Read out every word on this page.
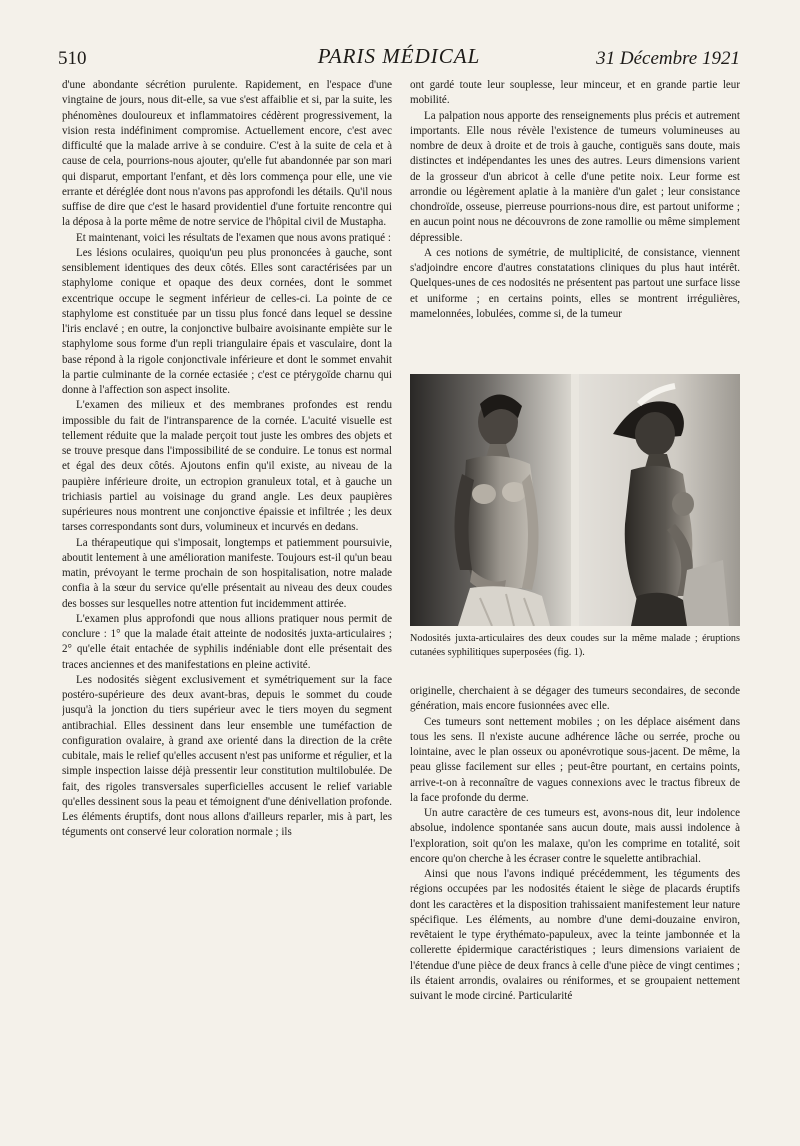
510	PARIS MÉDICAL	31 Décembre 1921

d'une abondante sécrétion purulente. Rapidement, en l'espace d'une vingtaine de jours, nous dit-elle, sa vue s'est affaiblie et si, par la suite, les phénomènes douloureux et inflammatoires cédèrent progressivement, la vision resta indéfiniment compromise. Actuellement encore, c'est avec difficulté que la malade arrive à se conduire. C'est à la suite de cela et à cause de cela, pourrions-nous ajouter, qu'elle fut abandonnée par son mari qui disparut, emportant l'enfant, et dès lors commença pour elle, une vie errante et déréglée dont nous n'avons pas approfondi les détails. Qu'il nous suffise de dire que c'est le hasard providentiel d'une fortuite rencontre qui la déposa à la porte même de notre service de l'hôpital civil de Mustapha.

Et maintenant, voici les résultats de l'examen que nous avons pratiqué :

Les lésions oculaires, quoiqu'un peu plus prononcées à gauche, sont sensiblement identiques des deux côtés. Elles sont caractérisées par un staphylome conique et opaque des deux cornées, dont le sommet excentrique occupe le segment inférieur de celles-ci. La pointe de ce staphylome est constituée par un tissu plus foncé dans lequel se dessine l'iris enclavé ; en outre, la conjonctive bulbaire avoisinante empiète sur le staphylome sous forme d'un repli triangulaire épais et vasculaire, dont la base répond à la rigole conjonctivale inférieure et dont le sommet envahit la partie culminante de la cornée ectasiée ; c'est ce ptérygoïde charnu qui donne à l'affection son aspect insolite.

L'examen des milieux et des membranes profondes est rendu impossible du fait de l'intransparence de la cornée. L'acuité visuelle est tellement réduite que la malade perçoit tout juste les ombres des objets et se trouve presque dans l'impossibilité de se conduire. Le tonus est normal et égal des deux côtés. Ajoutons enfin qu'il existe, au niveau de la paupière inférieure droite, un ectropion granuleux total, et à gauche un trichiasis partiel au voisinage du grand angle. Les deux paupières supérieures nous montrent une conjonctive épaissie et infiltrée ; les deux tarses correspondants sont durs, volumineux et incurvés en dedans.

La thérapeutique qui s'imposait, longtemps et patiemment poursuivie, aboutit lentement à une amélioration manifeste. Toujours est-il qu'un beau matin, prévoyant le terme prochain de son hospitalisation, notre malade confia à la sœur du service qu'elle présentait au niveau des deux coudes des bosses sur lesquelles notre attention fut incidemment attirée.

L'examen plus approfondi que nous allions pratiquer nous permit de conclure : 1° que la malade était atteinte de nodosités juxta-articulaires ; 2° qu'elle était entachée de syphilis indéniable dont elle présentait des traces anciennes et des manifestations en pleine activité.

Les nodosités siègent exclusivement et symétriquement sur la face postéro-supérieure des deux avant-bras, depuis le sommet du coude jusqu'à la jonction du tiers supérieur avec le tiers moyen du segment antibrachial. Elles dessinent dans leur ensemble une tuméfaction de configuration ovalaire, à grand axe orienté dans la direction de la crête cubitale, mais le relief qu'elles accusent n'est pas uniforme et régulier, et la simple inspection laisse déjà pressentir leur constitution multilobulée. De fait, des rigoles transversales superficielles accusent le relief variable qu'elles dessinent sous la peau et témoignent d'une dénivellation profonde. Les éléments éruptifs, dont nous allons d'ailleurs reparler, mis à part, les téguments ont conservé leur coloration normale ; ils

ont gardé toute leur souplesse, leur minceur, et en grande partie leur mobilité.

La palpation nous apporte des renseignements plus précis et autrement importants. Elle nous révèle l'existence de tumeurs volumineuses au nombre de deux à droite et de trois à gauche, contiguës sans doute, mais distinctes et indépendantes les unes des autres. Leurs dimensions varient de la grosseur d'un abricot à celle d'une petite noix. Leur forme est arrondie ou légèrement aplatie à la manière d'un galet ; leur consistance chondroïde, osseuse, pierreuse pourrions-nous dire, est partout uniforme ; en aucun point nous ne découvrons de zone ramollie ou même simplement dépressible.

A ces notions de symétrie, de multiplicité, de consistance, viennent s'adjoindre encore d'autres constatations cliniques du plus haut intérêt. Quelques-unes de ces nodosités ne présentent pas partout une surface lisse et uniforme ; en certains points, elles se montrent irrégulières, mamelonnées, lobulées, comme si, de la tumeur

Nodosités juxta-articulaires des deux coudes sur la même malade ; éruptions cutanées syphilitiques superposées (fig. 1).

originelle, cherchaient à se dégager des tumeurs secondaires, de seconde génération, mais encore fusionnées avec elle.

Ces tumeurs sont nettement mobiles ; on les déplace aisément dans tous les sens. Il n'existe aucune adhérence lâche ou serrée, proche ou lointaine, avec le plan osseux ou aponévrotique sous-jacent. De même, la peau glisse facilement sur elles ; peut-être pourtant, en certains points, arrive-t-on à reconnaître de vagues connexions avec le tractus fibreux de la face profonde du derme.

Un autre caractère de ces tumeurs est, avons-nous dit, leur indolence absolue, indolence spontanée sans aucun doute, mais aussi indolence à l'exploration, soit qu'on les malaxe, qu'on les comprime en totalité, soit encore qu'on cherche à les écraser contre le squelette antibrachial.

Ainsi que nous l'avons indiqué précédemment, les téguments des régions occupées par les nodosités étaient le siège de placards éruptifs dont les caractères et la disposition trahissaient manifestement leur nature spécifique. Les éléments, au nombre d'une demi-douzaine environ, revêtaient le type érythémato-papuleux, avec la teinte jambonnée et la collerette épidermique caractéristiques ; leurs dimensions variaient de l'étendue d'une pièce de deux francs à celle d'une pièce de vingt centimes ; ils étaient arrondis, ovalaires ou réniformes, et se groupaient nettement suivant le mode circiné. Particularité
